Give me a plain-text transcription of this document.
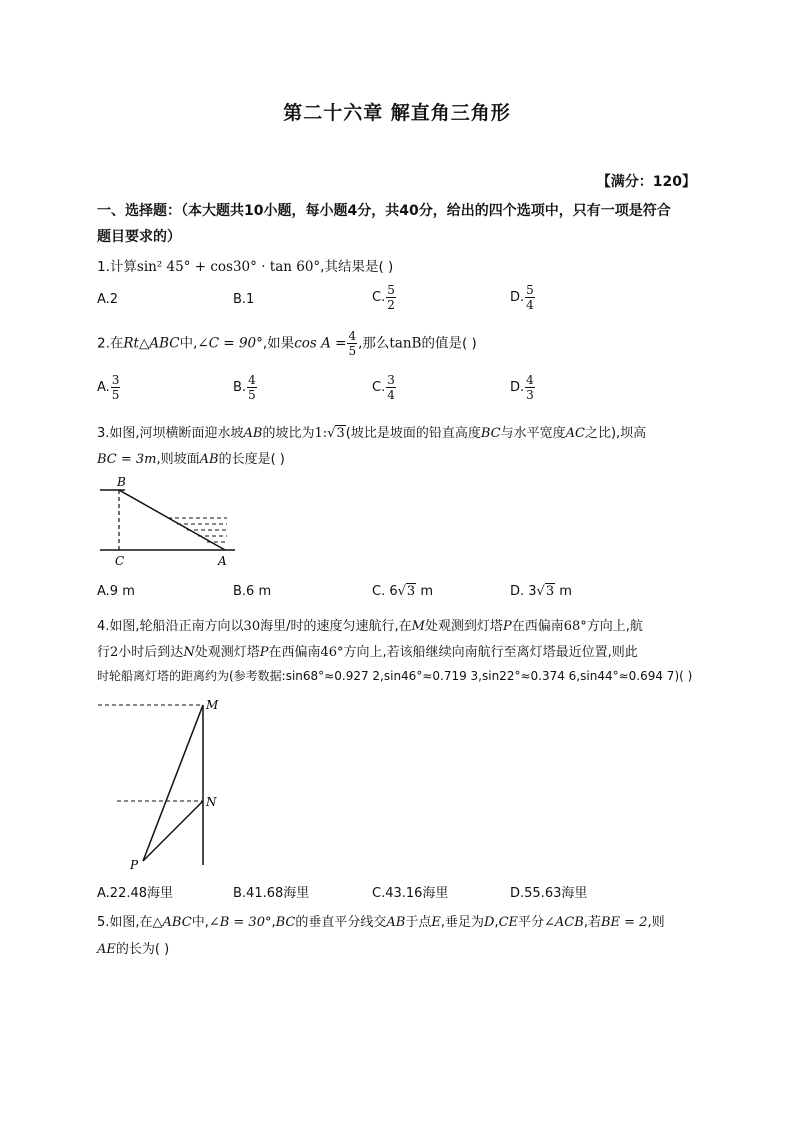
第二十六章 解直角三角形
【满分：120】
一、选择题：（本大题共10小题，每小题4分，共40分，给出的四个选项中，只有一项是符合
题目要求的）
1.计算sin² 45° + cos30° · tan 60°,其结果是( )
A.2	B.1	C. $\frac{5}{2}$	D. $\frac{5}{4}$
2.在Rt△ABC中,∠C = 90°,如果$\cos A = \frac{4}{5}$ ,那么tanB的值是( )
A. $\frac{3}{5}$	B. $\frac{4}{5}$	C. $\frac{3}{4}$	D. $\frac{4}{3}$
3.如图,河坝横断面迎水坡AB的坡比为1:√3(坡比是坡面的铅直高度BC与水平宽度AC之比),坝高
BC = 3m,则坡面AB的长度是( )
B
C	A
A.9 m	B.6 m	C. 6√3 m	D. 3√3 m
4.如图,轮船沿正南方向以30海里/时的速度匀速航行,在M处观测到灯塔P在西偏南68°方向上,航
行2小时后到达N处观测灯塔P在西偏南46°方向上,若该船继续向南航行至离灯塔最近位置,则此
时轮船离灯塔的距离约为(参考数据:sin68°≈0.927 2,sin46°≈0.719 3,sin22°≈0.374 6,sin44°≈0.694 7)( )
M
N
P
A.22.48海里	B.41.68海里	C.43.16海里	D.55.63海里
5.如图,在△ABC中,∠B = 30°,BC的垂直平分线交AB于点E,垂足为D,CE平分∠ACB,若BE = 2,则
AE的长为( )
